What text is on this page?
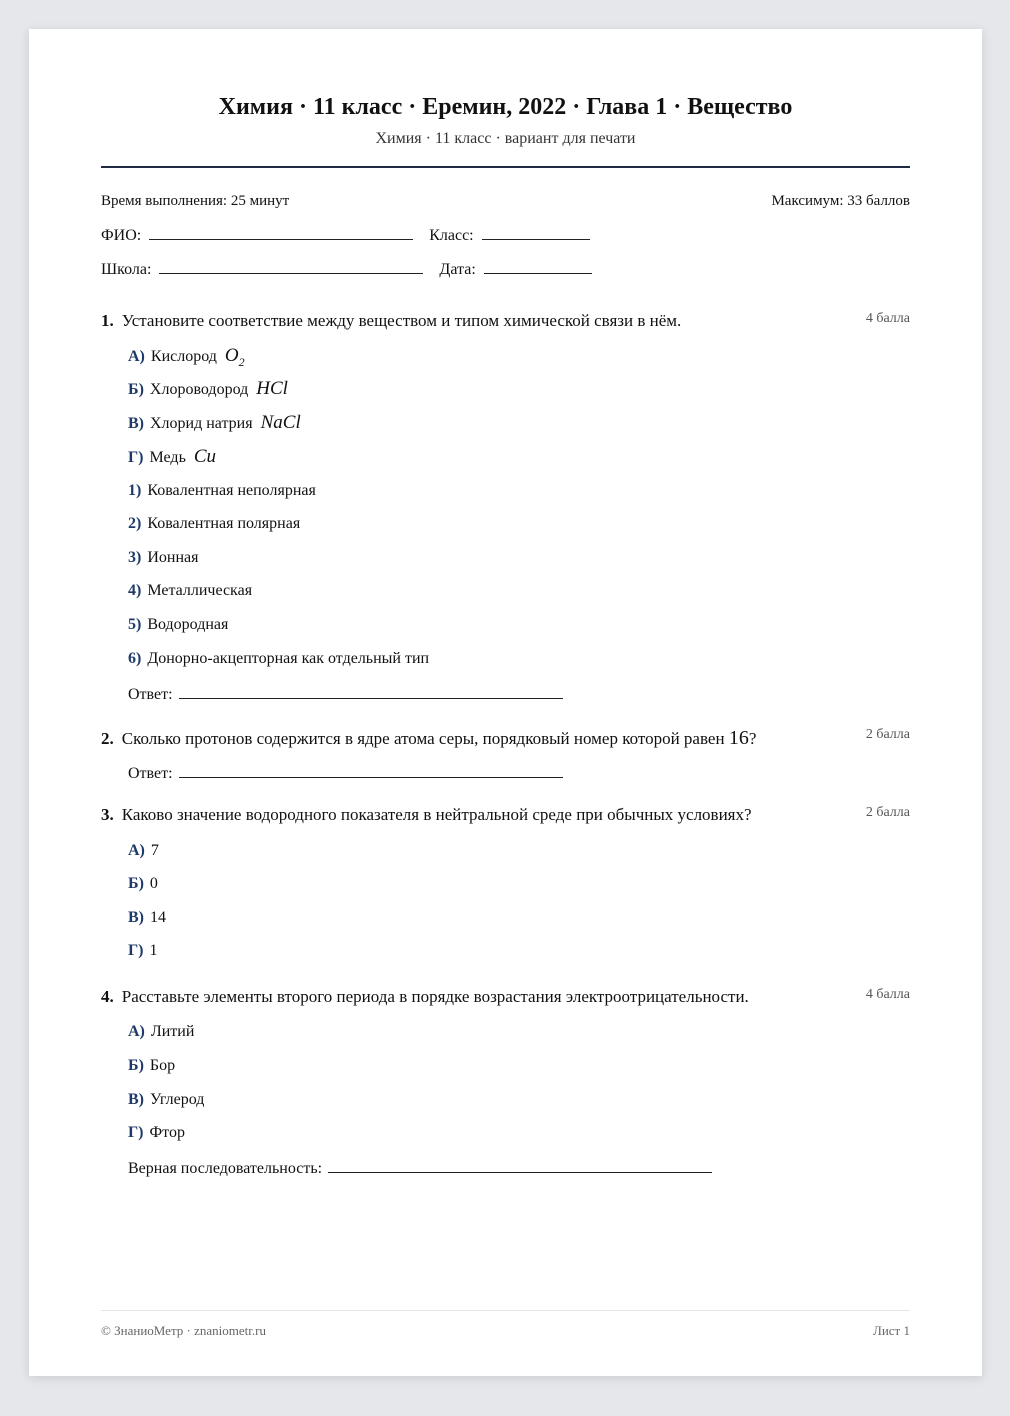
Химия · 11 класс · Еремин, 2022 · Глава 1 · Вещество
Химия · 11 класс · вариант для печати
Время выполнения: 25 минут	Максимум: 33 баллов
ФИО:	Класс:
Школа:	Дата:
1. Установите соответствие между веществом и типом химической связи в нём.	4 балла
А) Кислород $O_2$
Б) Хлороводород HCl
В) Хлорид натрия NaCl
Г) Медь Cu
1) Ковалентная неполярная
2) Ковалентная полярная
3) Ионная
4) Металлическая
5) Водородная
6) Донорно-акцепторная как отдельный тип
Ответ:
2. Сколько протонов содержится в ядре атома серы, порядковый номер которой равен 16?	2 балла
Ответ:
3. Каково значение водородного показателя в нейтральной среде при обычных условиях?	2 балла
А) 7
Б) 0
В) 14
Г) 1
4. Расставьте элементы второго периода в порядке возрастания электроотрицательности.	4 балла
А) Литий
Б) Бор
В) Углерод
Г) Фтор
Верная последовательность:
© ЗнаниоМетр · znaniometr.ru	Лист 1
